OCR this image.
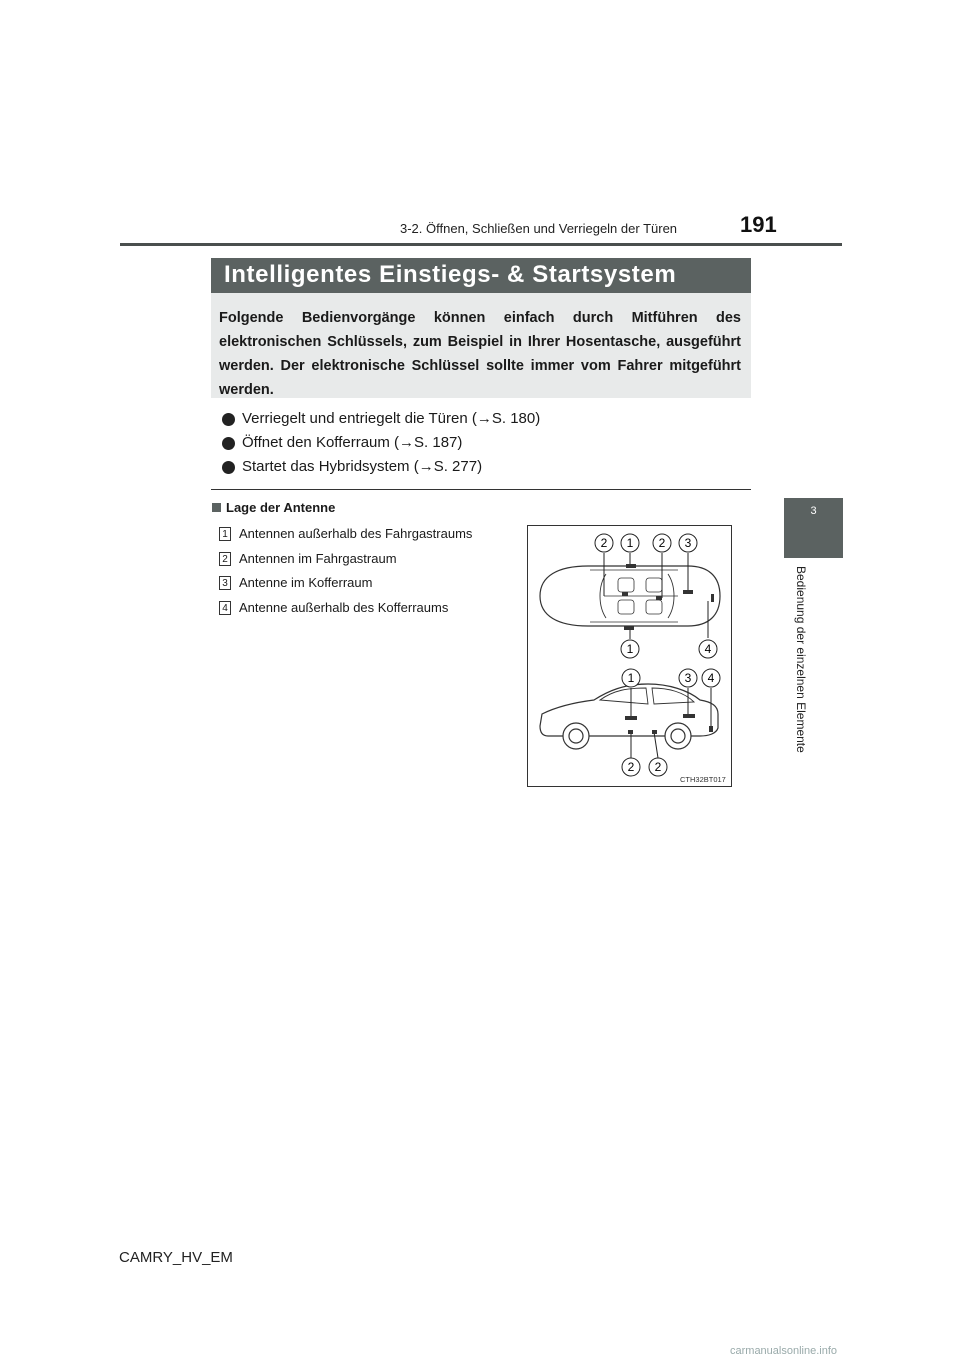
3-2. Öffnen, Schließen und Verriegeln der Türen	191
3
Bedienung der einzelnen Elemente
Intelligentes Einstiegs- & Startsystem
Folgende Bedienvorgänge können einfach durch Mitführen des elektronischen Schlüssels, zum Beispiel in Ihrer Hosentasche, ausgeführt werden. Der elektronische Schlüssel sollte immer vom Fahrer mitgeführt werden.
Verriegelt und entriegelt die Türen (→S. 180)
Öffnet den Kofferraum (→S. 187)
Startet das Hybridsystem (→S. 277)
Lage der Antenne
1 Antennen außerhalb des Fahrgastraums
2 Antennen im Fahrgastraum
3 Antenne im Kofferraum
4 Antenne außerhalb des Kofferraums
2 1 2 3
1	4
1	3 4
2 2
CTH32BT017
CAMRY_HV_EM
carmanualsonline.info
